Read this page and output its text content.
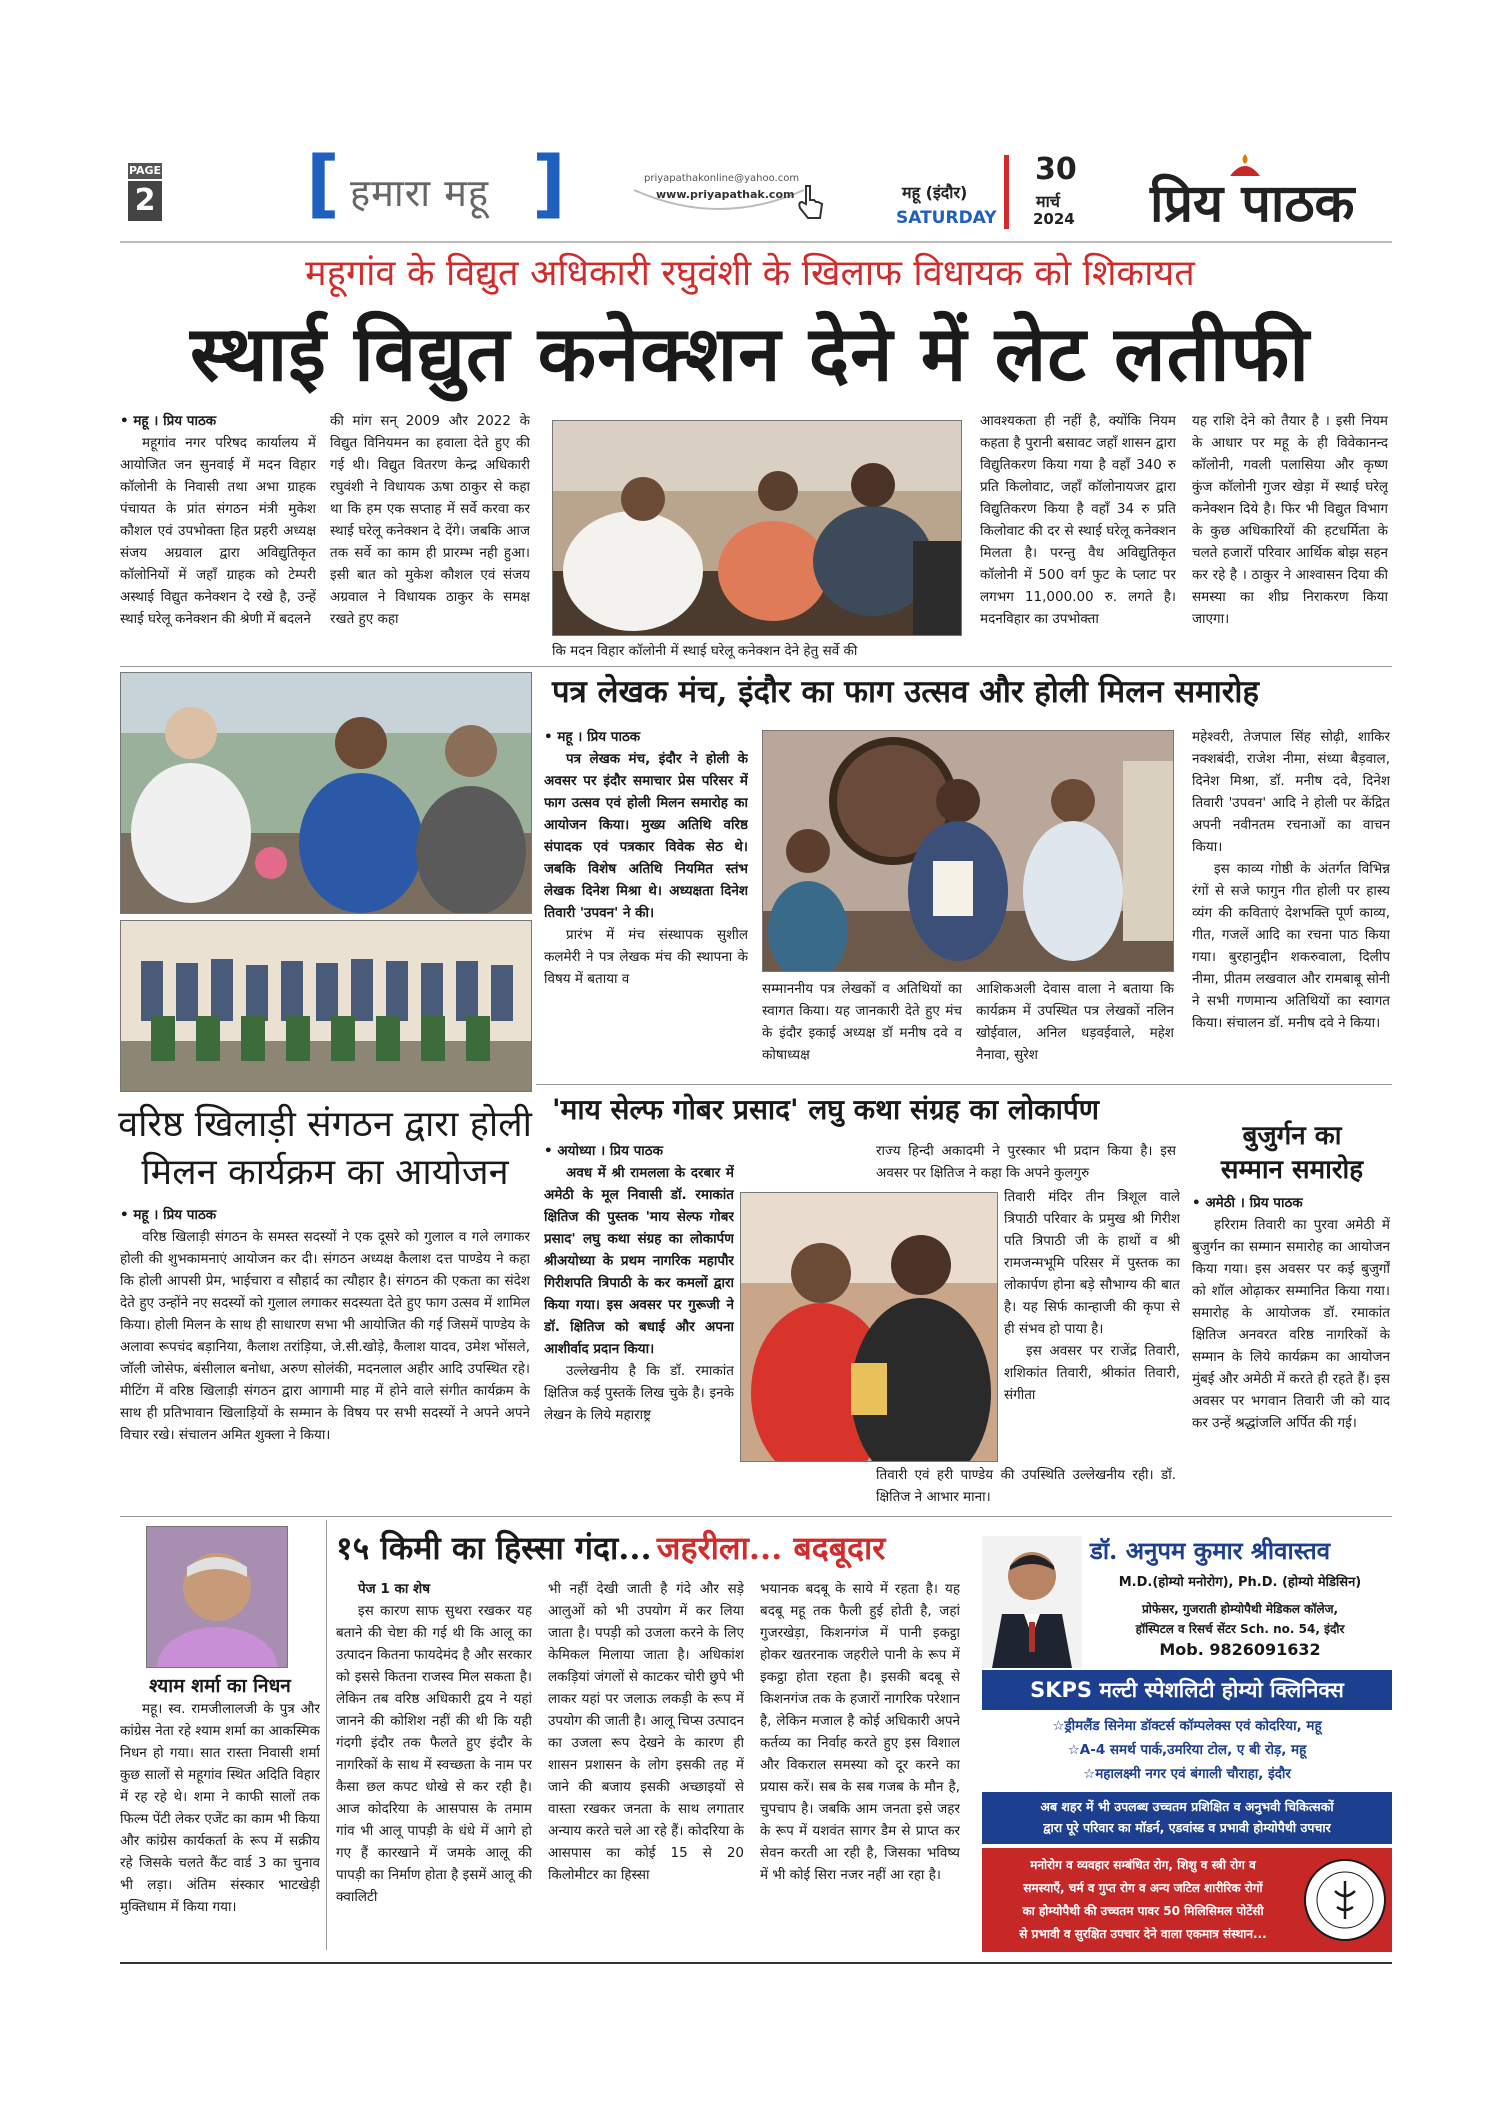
PAGE
2 [ हमारा महू ]	priyapathakonline@yahoo.com
www.priyapathak.com	महू (इंदौर)
SATURDAY
30
मार्च
2024 प्रिय पाठक
महूगांव के विद्युत अधिकारी रघुवंशी के खिलाफ विधायक को शिकायत
स्थाई विद्युत कनेक्शन देने में लेट लतीफी
• महू । प्रिय पाठक

महूगांव नगर परिषद कार्यालय में आयोजित जन सुनवाई में मदन विहार कॉलोनी के निवासी तथा अभा ग्राहक पंचायत के प्रांत संगठन मंत्री मुकेश कौशल एवं उपभोक्ता हित प्रहरी अध्यक्ष संजय अग्रवाल द्वारा अविद्युतिकृत कॉलोनियों में जहाँ ग्राहक को टेम्परी अस्थाई विद्युत कनेक्शन दे रखे है, उन्हें स्थाई घरेलू कनेक्शन की श्रेणी में बदलने

की मांग सन् 2009 और 2022 के विद्युत विनियमन का हवाला देते हुए की गई थी। विद्युत वितरण केन्द्र अधिकारी रघुवंशी ने विधायक ऊषा ठाकुर से कहा था कि हम एक सप्ताह में सर्वे करवा कर स्थाई घरेलू कनेक्शन दे देंगे। जबकि आज तक सर्वे का काम ही प्रारम्भ नही हुआ। इसी बात को मुकेश कौशल एवं संजय अग्रवाल ने विधायक ठाकुर के समक्ष रखते हुए कहा

कि मदन विहार कॉलोनी में स्थाई घरेलू कनेक्शन देने हेतु सर्वे की

आवश्यकता ही नहीं है, क्योंकि नियम कहता है पुरानी बसावट जहाँ शासन द्वारा विद्युतिकरण किया गया है वहाँ 340 रु प्रति किलोवाट, जहाँ कॉलोनायजर द्वारा विद्युतिकरण किया है वहाँ 34 रु प्रति किलोवाट की दर से स्थाई घरेलू कनेक्शन मिलता है। परन्तु वैध अविद्युतिकृत कॉलोनी में 500 वर्ग फुट के प्लाट पर लगभग 11,000.00 रु. लगते है। मदनविहार का उपभोक्ता

यह राशि देने को तैयार है । इसी नियम के आधार पर महू के ही विवेकानन्द कॉलोनी, गवली पलासिया और कृष्ण कुंज कॉलोनी गुजर खेड़ा में स्थाई घरेलू कनेक्शन दिये है। फिर भी विद्युत विभाग के कुछ अधिकारियों की हटधर्मिता के चलते हजारों परिवार आर्थिक बोझ सहन कर रहे है । ठाकुर ने आश्वासन दिया की समस्या का शीघ्र निराकरण किया जाएगा।

पत्र लेखक मंच, इंदौर का फाग उत्सव और होली मिलन समारोह
• महू । प्रिय पाठक

पत्र लेखक मंच, इंदौर ने होली के अवसर पर इंदौर समाचार प्रेस परिसर में फाग उत्सव एवं होली मिलन समारोह का आयोजन किया। मुख्य अतिथि वरिष्ठ संपादक एवं पत्रकार विवेक सेठ थे। जबकि विशेष अतिथि नियमित स्तंभ लेखक दिनेश मिश्रा थे। अध्यक्षता दिनेश तिवारी 'उपवन' ने की।

प्रारंभ में मंच संस्थापक सुशील कलमेरी ने पत्र लेखक मंच की स्थापना के विषय में बताया व

सम्माननीय पत्र लेखकों व अतिथियों का स्वागत किया। यह जानकारी देते हुए मंच के इंदौर इकाई अध्यक्ष डॉ मनीष दवे व कोषाध्यक्ष

आशिकअली देवास वाला ने बताया कि कार्यक्रम में उपस्थित पत्र लेखकों नलिन खोईवाल, अनिल धड़वईवाले, महेश नैनावा, सुरेश

महेश्वरी, तेजपाल सिंह सोढ़ी, शाकिर नक्शबंदी, राजेश नीमा, संध्या बैड़वाल, दिनेश मिश्रा, डॉ. मनीष दवे, दिनेश तिवारी 'उपवन' आदि ने होली पर केंद्रित अपनी नवीनतम रचनाओं का वाचन किया।

इस काव्य गोष्ठी के अंतर्गत विभिन्न रंगों से सजे फागुन गीत होली पर हास्य व्यंग की कविताएं देशभक्ति पूर्ण काव्य, गीत, गजलें आदि का रचना पाठ किया गया। बुरहानुद्दीन शकरुवाला, दिलीप नीमा, प्रीतम लखवाल और रामबाबू सोनी ने सभी गणमान्य अतिथियों का स्वागत किया। संचालन डॉ. मनीष दवे ने किया।

वरिष्ठ खिलाड़ी संगठन द्वारा होली
मिलन कार्यक्रम का आयोजन
• महू । प्रिय पाठक

वरिष्ठ खिलाड़ी संगठन के समस्त सदस्यों ने एक दूसरे को गुलाल व गले लगाकर होली की शुभकामनाएं आयोजन कर दी। संगठन अध्यक्ष कैलाश दत्त पाण्डेय ने कहा कि होली आपसी प्रेम, भाईचारा व सौहार्द का त्यौहार है। संगठन की एकता का संदेश देते हुए उन्होंने नए सदस्यों को गुलाल लगाकर सदस्यता देते हुए फाग उत्सव में शामिल किया। होली मिलन के साथ ही साधारण सभा भी आयोजित की गई जिसमें पाण्डेय के अलावा रूपचंद बड़ानिया, कैलाश तरांड़िया, जे.सी.खोड़े, कैलाश यादव, उमेश भोंसले, जॉली जोसेफ, बंसीलाल बनोधा, अरुण सोलंकी, मदनलाल अहीर आदि उपस्थित रहे। मीटिंग में वरिष्ठ खिलाड़ी संगठन द्वारा आगामी माह में होने वाले संगीत कार्यक्रम के साथ ही प्रतिभावान खिलाड़ियों के सम्मान के विषय पर सभी सदस्यों ने अपने अपने विचार रखे। संचालन अमित शुक्ला ने किया।

'माय सेल्फ गोबर प्रसाद' लघु कथा संग्रह का लोकार्पण
• अयोध्या । प्रिय पाठक

अवध में श्री रामलला के दरबार में अमेठी के मूल निवासी डॉ. रमाकांत क्षितिज की पुस्तक 'माय सेल्फ गोबर प्रसाद' लघु कथा संग्रह का लोकार्पण श्रीअयोध्या के प्रथम नागरिक महापौर गिरीशपति त्रिपाठी के कर कमलों द्वारा किया गया। इस अवसर पर गुरूजी ने डॉ. क्षितिज को बधाई और अपना आशीर्वाद प्रदान किया।

उल्लेखनीय है कि डॉ. रमाकांत क्षितिज कई पुस्तकें लिख चुके है। इनके लेखन के लिये महाराष्ट्र

राज्य हिन्दी अकादमी ने पुरस्कार भी प्रदान किया है। इस अवसर पर क्षितिज ने कहा कि अपने कुलगुरु

तिवारी मंदिर तीन त्रिशूल वाले त्रिपाठी परिवार के प्रमुख श्री गिरीश पति त्रिपाठी जी के हाथों व श्री रामजन्मभूमि परिसर में पुस्तक का लोकार्पण होना बड़े सौभाग्य की बात है। यह सिर्फ कान्हाजी की कृपा से ही संभव हो पाया है।

इस अवसर पर राजेंद्र तिवारी, शशिकांत तिवारी, श्रीकांत तिवारी, संगीता

तिवारी एवं हरी पाण्डेय की उपस्थिति उल्लेखनीय रही। डॉ. क्षितिज ने आभार माना।

बुजुर्गन का
सम्मान समारोह
• अमेठी । प्रिय पाठक

हरिराम तिवारी का पुरवा अमेठी में बुजुर्गन का सम्मान समारोह का आयोजन किया गया। इस अवसर पर कई बुजुर्गों को शॉल ओढ़ाकर सम्मानित किया गया।समारोह के आयोजक डॉ. रमाकांत क्षितिज अनवरत वरिष्ठ नागरिकों के सम्मान के लिये कार्यक्रम का आयोजन मुंबई और अमेठी में करते ही रहते हैं। इस अवसर पर भगवान तिवारी जी को याद कर उन्हें श्रद्धांजलि अर्पित की गई।

श्याम शर्मा का निधन

महू। स्व. रामजीलालजी के पुत्र और कांग्रेस नेता रहे श्याम शर्मा का आकस्मिक निधन हो गया। सात रास्ता निवासी शर्मा कुछ सालों से महूगांव स्थित अदिति विहार में रह रहे थे। शमा ने काफी सालों तक फिल्म पेंटी लेकर एजेंट का काम भी किया और कांग्रेस कार्यकर्ता के रूप में सक्रीय रहे जिसके चलते कैंट वार्ड 3 का चुनाव भी लड़ा। अंतिम संस्कार भाटखेड़ी मुक्तिधाम में किया गया।

१५ किमी का हिस्सा गंदा... जहरीला... बदबूदार
पेज 1 का शेष

इस कारण साफ सुथरा रखकर यह बताने की चेष्टा की गई थी कि आलू का उत्पादन कितना फायदेमंद है और सरकार को इससे कितना राजस्व मिल सकता है। लेकिन तब वरिष्ठ अधिकारी द्वय ने यहां जानने की कोशिश नहीं की थी कि यही गंदगी इंदौर तक फैलते हुए इंदौर के नागरिकों के साथ में स्वच्छता के नाम पर कैसा छल कपट धोखे से कर रही है। आज कोदरिया के आसपास के तमाम गांव भी आलू पापड़ी के धंधे में आगे हो गए हैं कारखाने में जमके आलू की पापड़ी का निर्माण होता है इसमें आलू की क्वालिटी

भी नहीं देखी जाती है गंदे और सड़े आलुओं को भी उपयोग में कर लिया जाता है। पपड़ी को उजला करने के लिए केमिकल मिलाया जाता है। अधिकांश लकड़ियां जंगलों से काटकर चोरी छुपे भी लाकर यहां पर जलाऊ लकड़ी के रूप में उपयोग की जाती है। आलू चिप्स उत्पादन का उजला रूप देखने के कारण ही शासन प्रशासन के लोग इसकी तह में जाने की बजाय इसकी अच्छाइयों से वास्ता रखकर जनता के साथ लगातार अन्याय करते चले आ रहे हैं। कोदरिया के आसपास का कोई 15 से 20 किलोमीटर का हिस्सा

भयानक बदबू के साये में रहता है। यह बदबू महू तक फैली हुई होती है, जहां गुजरखेड़ा, किशनगंज में पानी इकट्ठा होकर खतरनाक जहरीले पानी के रूप में इकट्ठा होता रहता है। इसकी बदबू से किशनगंज तक के हजारों नागरिक परेशान है, लेकिन मजाल है कोई अधिकारी अपने कर्तव्य का निर्वाह करते हुए इस विशाल और विकराल समस्या को दूर करने का प्रयास करें। सब के सब गजब के मौन है, चुपचाप है। जबकि आम जनता इसे जहर के रूप में यशवंत सागर डैम से प्राप्त कर सेवन करती आ रही है, जिसका भविष्य में भी कोई सिरा नजर नहीं आ रहा है।

डॉ. अनुपम कुमार श्रीवास्तव
M.D.(होम्यो मनोरोग), Ph.D. (होम्यो मेडिसिन)
प्रोफेसर, गुजराती होम्योपैथी मेडिकल कॉलेज,
हॉस्पिटल व रिसर्च सेंटर Sch. no. 54, इंदौर
Mob. 9826091632
SKPS मल्टी स्पेशलिटी होम्यो क्लिनिक्स
☆ड्रीमलैंड सिनेमा डॉक्टर्स कॉम्पलेक्स एवं कोदरिया, महू
☆A-4 समर्थ पार्क,उमरिया टोल, ए बी रोड़, महू
☆महालक्ष्मी नगर एवं बंगाली चौराहा, इंदौर
अब शहर में भी उपलब्ध उच्चतम प्रशिक्षित व अनुभवी चिकित्सकों
द्वारा पूरे परिवार का मॉडर्न, एडवांस्ड व प्रभावी होम्योपैथी उपचार
मनोरोग व व्यवहार सम्बंधित रोग, शिशु व स्त्री रोग व
समस्याएँ, चर्म व गुप्त रोग व अन्य जटिल शारीरिक रोगों
का होम्योपैथी की उच्चतम पावर 50 मिलिसिमल पोटेंसी
से प्रभावी व सुरक्षित उपचार देने वाला एकमात्र संस्थान...
